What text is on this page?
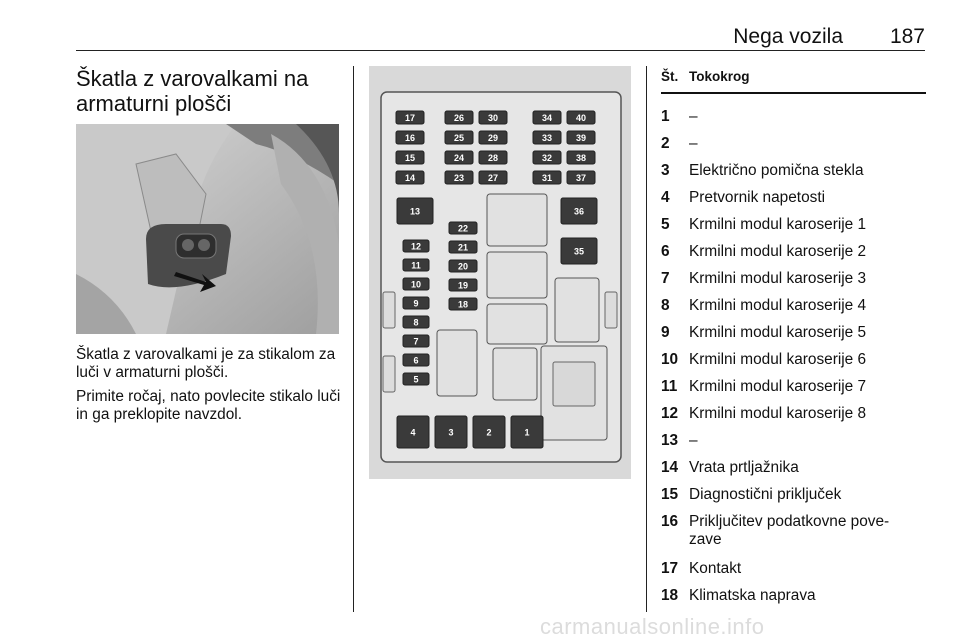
Nega vozila 187
Škatla z varovalkami na armaturni plošči

Škatla z varovalkami je za stikalom za luči v armaturni plošči.

Primite ročaj, nato povlecite stikalo luči in ga preklopite navzdol.

17
16
15
14
26
25
24
23
30
29
28
27
34
33
32
31
40
39
38
37
13	36
35
22
21
20
19
18
12
11
10
9
8
7
6
5
4	3	2	1
Št. Tokokrog
1 –
2 –
3 Električno pomična stekla
4 Pretvornik napetosti
5 Krmilni modul karoserije 1
6 Krmilni modul karoserije 2
7 Krmilni modul karoserije 3
8 Krmilni modul karoserije 4
9 Krmilni modul karoserije 5
10 Krmilni modul karoserije 6
11 Krmilni modul karoserije 7
12 Krmilni modul karoserije 8
13 –
14 Vrata prtljažnika
15 Diagnostični priključek
16 Priključitev podatkovne pove-
zave
17 Kontakt
18 Klimatska naprava
carmanualsonline.info
